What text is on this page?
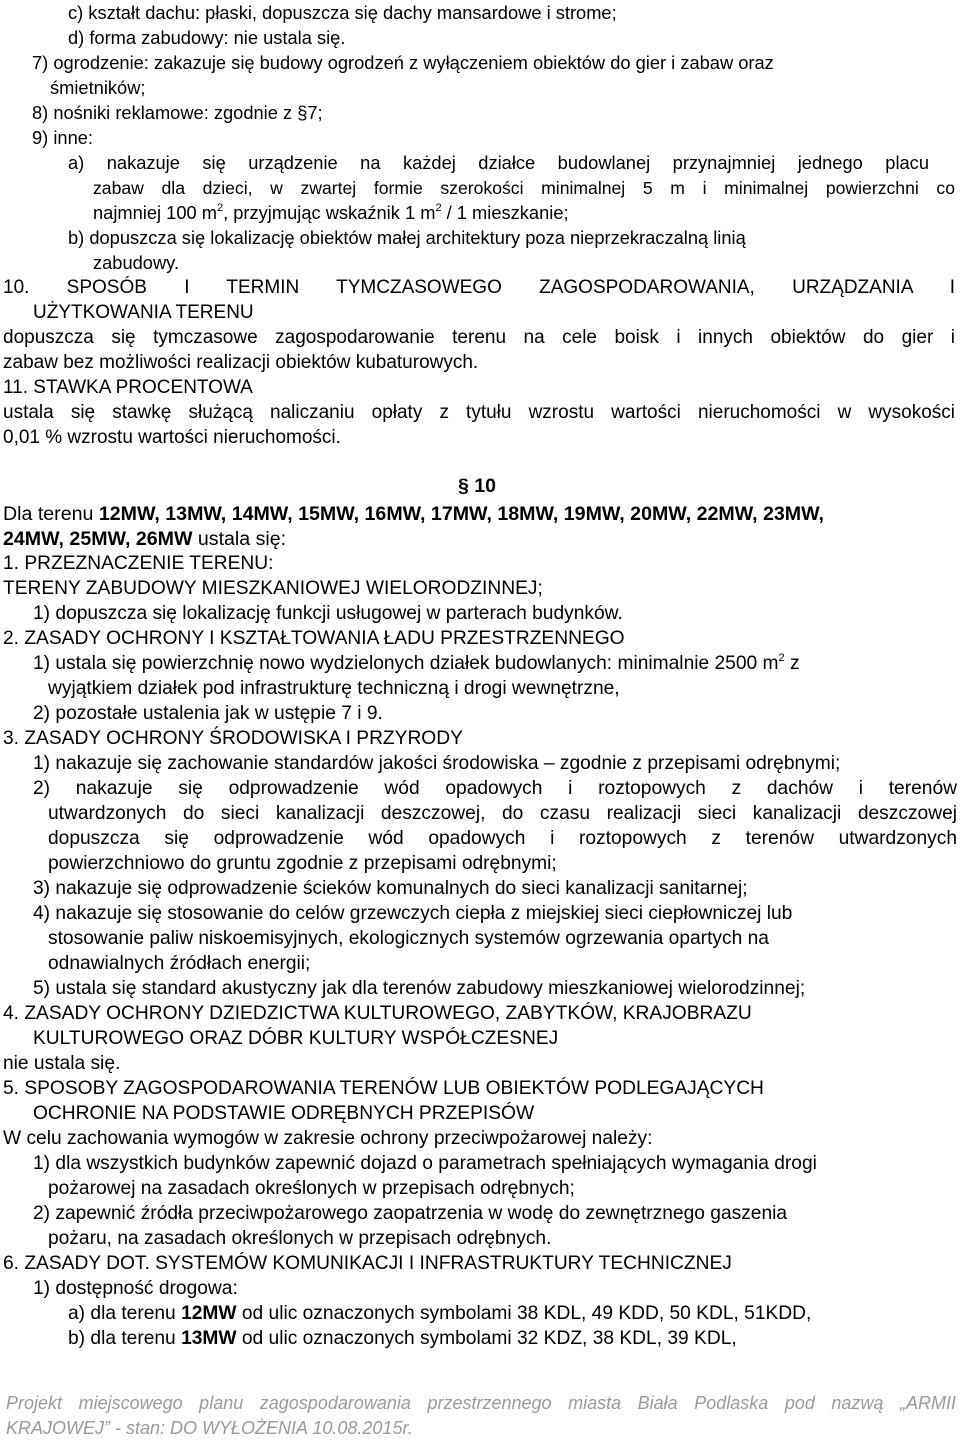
c) kształt dachu: płaski, dopuszcza się dachy mansardowe i strome;
d) forma zabudowy: nie ustala się.
7) ogrodzenie: zakazuje się budowy ogrodzeń z wyłączeniem obiektów do gier i zabaw oraz
śmietników;
8) nośniki reklamowe: zgodnie z §7;
9) inne:
a) nakazuje się urządzenie na każdej działce budowlanej przynajmniej jednego placu
zabaw dla dzieci, w zwartej formie szerokości minimalnej 5 m i minimalnej powierzchni co
najmniej 100 $m^2$, przyjmując wskaźnik 1 $m^2 / 1$ mieszkanie;
b) dopuszcza się lokalizację obiektów małej architektury poza nieprzekraczalną linią
zabudowy.
10. SPOSÓB I TERMIN TYMCZASOWEGO ZAGOSPODAROWANIA, URZĄDZANIA I
UŻYTKOWANIA TERENU
dopuszcza się tymczasowe zagospodarowanie terenu na cele boisk i innych obiektów do gier i
zabaw bez możliwości realizacji obiektów kubaturowych.
11. STAWKA PROCENTOWA
ustala się stawkę służącą naliczaniu opłaty z tytułu wzrostu wartości nieruchomości w wysokości
0,01 % wzrostu wartości nieruchomości.
§ 10
Dla terenu 12MW, 13MW, 14MW, 15MW, 16MW, 17MW, 18MW, 19MW, 20MW, 22MW, 23MW,
24MW, 25MW, 26MW ustala się:
1. PRZEZNACZENIE TERENU:
TERENY ZABUDOWY MIESZKANIOWEJ WIELORODZINNEJ;
1) dopuszcza się lokalizację funkcji usługowej w parterach budynków.
2. ZASADY OCHRONY I KSZTAŁTOWANIA ŁADU PRZESTRZENNEGO
1) ustala się powierzchnię nowo wydzielonych działek budowlanych: minimalnie 2500 $m^2$ z
wyjątkiem działek pod infrastrukturę techniczną i drogi wewnętrzne,
2) pozostałe ustalenia jak w ustępie 7 i 9.
3. ZASADY OCHRONY ŚRODOWISKA I PRZYRODY
1) nakazuje się zachowanie standardów jakości środowiska – zgodnie z przepisami odrębnymi;
2) nakazuje się odprowadzenie wód opadowych i roztopowych z dachów i terenów
utwardzonych do sieci kanalizacji deszczowej, do czasu realizacji sieci kanalizacji deszczowej
dopuszcza się odprowadzenie wód opadowych i roztopowych z terenów utwardzonych
powierzchniowo do gruntu zgodnie z przepisami odrębnymi;
3) nakazuje się odprowadzenie ścieków komunalnych do sieci kanalizacji sanitarnej;
4) nakazuje się stosowanie do celów grzewczych ciepła z miejskiej sieci ciepłowniczej lub
stosowanie paliw niskoemisyjnych, ekologicznych systemów ogrzewania opartych na
odnawialnych źródłach energii;
5) ustala się standard akustyczny jak dla terenów zabudowy mieszkaniowej wielorodzinnej;
4. ZASADY OCHRONY DZIEDZICTWA KULTUROWEGO, ZABYTKÓW, KRAJOBRAZU
KULTUROWEGO ORAZ DÓBR KULTURY WSPÓŁCZESNEJ
nie ustala się.
5. SPOSOBY ZAGOSPODAROWANIA TERENÓW LUB OBIEKTÓW PODLEGAJĄCYCH
OCHRONIE NA PODSTAWIE ODRĘBNYCH PRZEPISÓW
W celu zachowania wymogów w zakresie ochrony przeciwpożarowej należy:
1) dla wszystkich budynków zapewnić dojazd o parametrach spełniających wymagania drogi
pożarowej na zasadach określonych w przepisach odrębnych;
2) zapewnić źródła przeciwpożarowego zaopatrzenia w wodę do zewnętrznego gaszenia
pożaru, na zasadach określonych w przepisach odrębnych.
6. ZASADY DOT. SYSTEMÓW KOMUNIKACJI I INFRASTRUKTURY TECHNICZNEJ
1) dostępność drogowa:
a) dla terenu 12MW od ulic oznaczonych symbolami 38 KDL, 49 KDD, 50 KDL, 51KDD,
b) dla terenu 13MW od ulic oznaczonych symbolami 32 KDZ, 38 KDL, 39 KDL,
Projekt miejscowego planu zagospodarowania przestrzennego miasta Biała Podlaska pod nazwą „ARMII
KRAJOWEJ” - stan: DO WYŁOŻENIA 10.08.2015r.
